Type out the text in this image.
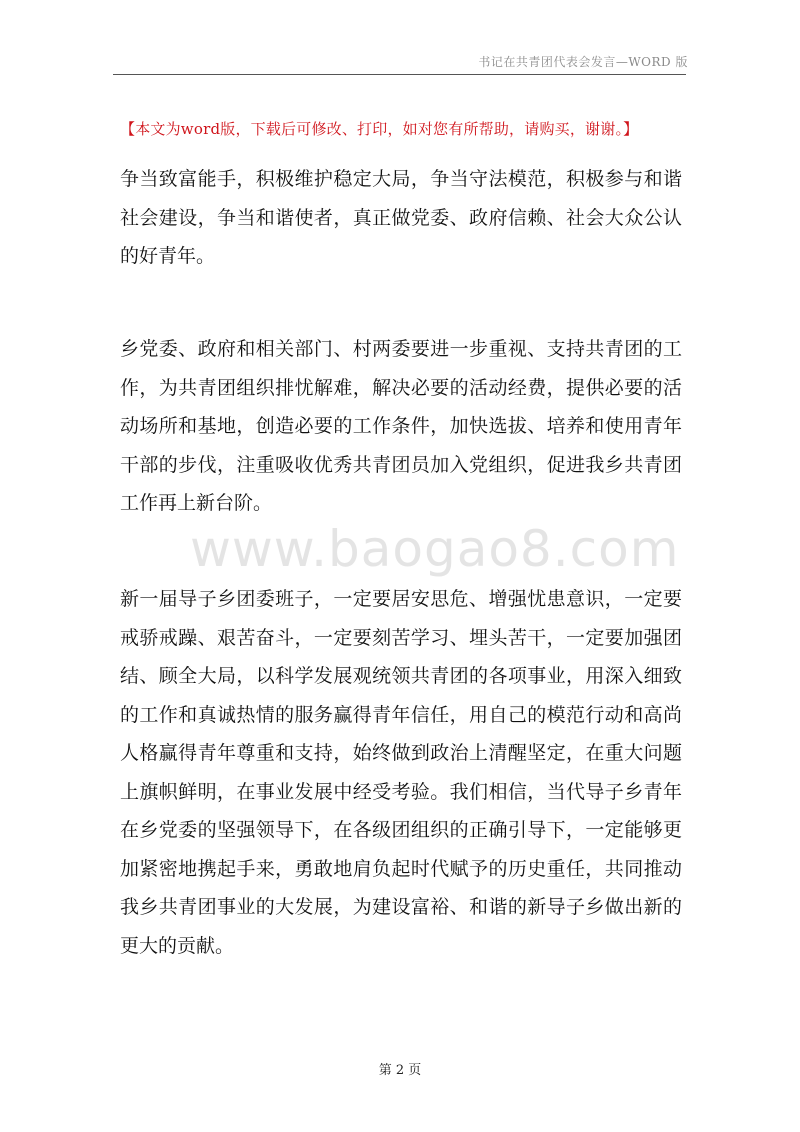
书记在共青团代表会发言—WORD 版
【本文为word版，下载后可修改、打印，如对您有所帮助，请购买，谢谢。】

争当致富能手，积极维护稳定大局，争当守法模范，积极参与和谐社会建设，争当和谐使者，真正做党委、政府信赖、社会大众公认的好青年。

乡党委、政府和相关部门、村两委要进一步重视、支持共青团的工作，为共青团组织排忧解难，解决必要的活动经费，提供必要的活动场所和基地，创造必要的工作条件，加快选拔、培养和使用青年干部的步伐，注重吸收优秀共青团员加入党组织，促进我乡共青团工作再上新台阶。

www.baogao8.com

新一届导子乡团委班子，一定要居安思危、增强忧患意识，一定要戒骄戒躁、艰苦奋斗，一定要刻苦学习、埋头苦干，一定要加强团结、顾全大局，以科学发展观统领共青团的各项事业，用深入细致的工作和真诚热情的服务赢得青年信任，用自己的模范行动和高尚人格赢得青年尊重和支持，始终做到政治上清醒坚定，在重大问题上旗帜鲜明，在事业发展中经受考验。我们相信，当代导子乡青年在乡党委的坚强领导下，在各级团组织的正确引导下，一定能够更加紧密地携起手来，勇敢地肩负起时代赋予的历史重任，共同推动我乡共青团事业的大发展，为建设富裕、和谐的新导子乡做出新的更大的贡献。

第 2 页
